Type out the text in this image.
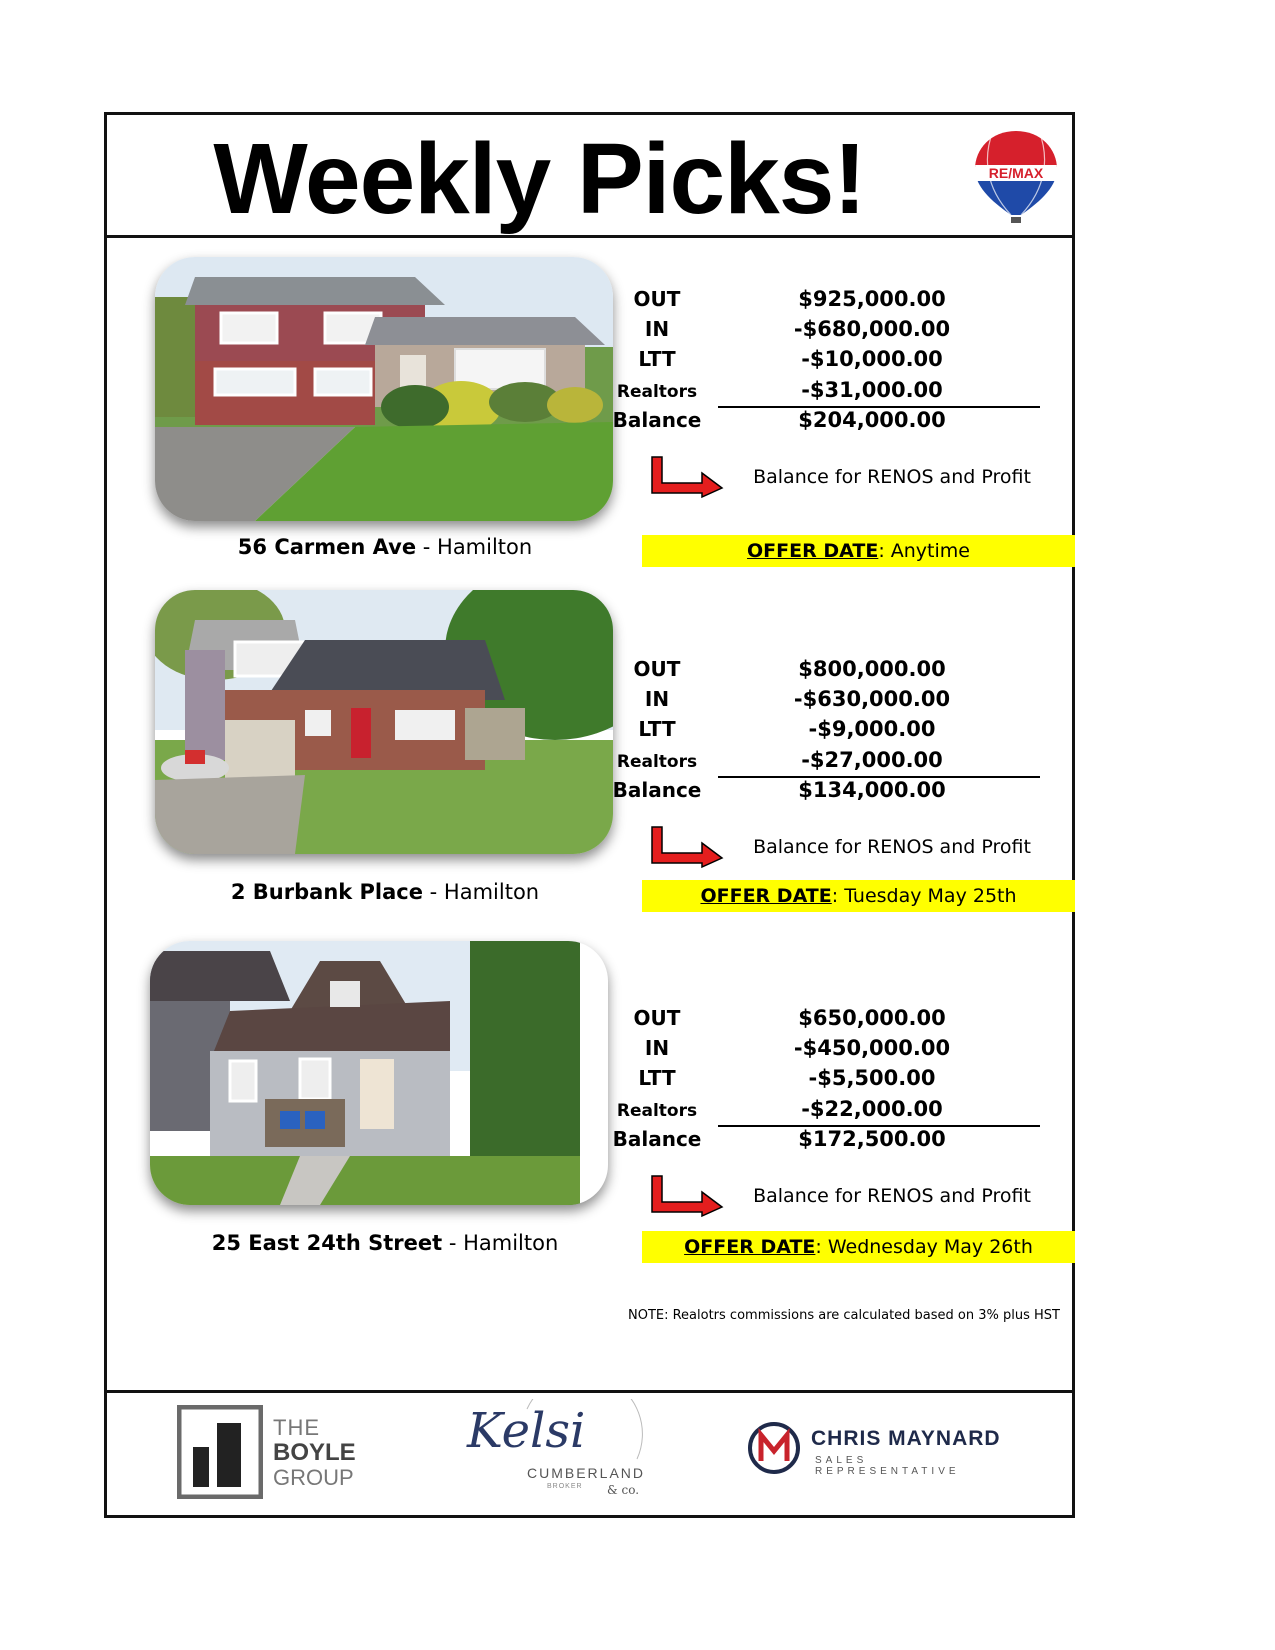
Weekly Picks!	RE/MAX
56 Carmen Ave - Hamilton
OUT	$925,000.00
IN	-$680,000.00
LTT	-$10,000.00
Realtors	-$31,000.00
Balance	$204,000.00
Balance for RENOS and Profit
OFFER DATE: Anytime
2 Burbank Place - Hamilton
OUT	$800,000.00
IN	-$630,000.00
LTT	-$9,000.00
Realtors	-$27,000.00
Balance	$134,000.00
Balance for RENOS and Profit
OFFER DATE: Tuesday May 25th
25 East 24th Street - Hamilton
OUT	$650,000.00
IN	-$450,000.00
LTT	-$5,500.00
Realtors	-$22,000.00
Balance	$172,500.00
Balance for RENOS and Profit
OFFER DATE: Wednesday May 26th
NOTE: Realotrs commissions are calculated based on 3% plus HST
THE
BOYLE
GROUP
Kelsi
CUMBERLAND
BROKER & co.
CHRIS MAYNARD
SALES REPRESENTATIVE
